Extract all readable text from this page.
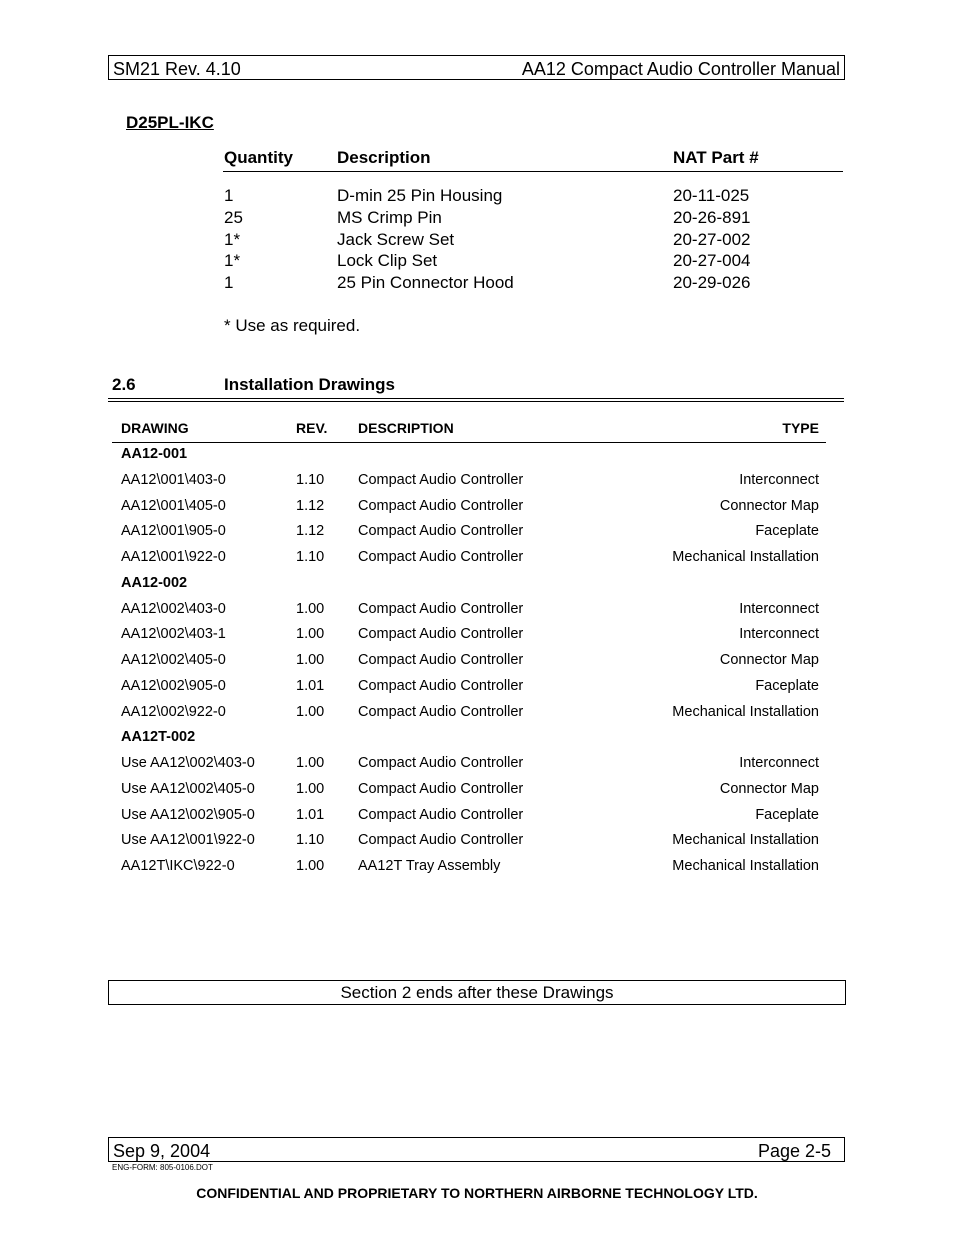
SM21 Rev. 4.10	AA12 Compact Audio Controller Manual
D25PL-IKC
Quantity	Description	NAT Part #
1	D-min 25 Pin Housing	20-11-025
25	MS Crimp Pin	20-26-891
1*	Jack Screw Set	20-27-002
1*	Lock Clip Set	20-27-004
1	25 Pin Connector Hood	20-29-026
* Use as required.
2.6	Installation Drawings
DRAWING	REV. DESCRIPTION	TYPE
AA12-001
AA12\001\403-0	1.10 Compact Audio Controller	Interconnect
AA12\001\405-0	1.12 Compact Audio Controller	Connector Map
AA12\001\905-0	1.12 Compact Audio Controller	Faceplate
AA12\001\922-0	1.10 Compact Audio Controller	Mechanical Installation
AA12-002
AA12\002\403-0	1.00 Compact Audio Controller	Interconnect
AA12\002\403-1	1.00 Compact Audio Controller	Interconnect
AA12\002\405-0	1.00 Compact Audio Controller	Connector Map
AA12\002\905-0	1.01 Compact Audio Controller	Faceplate
AA12\002\922-0	1.00 Compact Audio Controller	Mechanical Installation
AA12T-002
Use AA12\002\403-0	1.00 Compact Audio Controller	Interconnect
Use AA12\002\405-0	1.00 Compact Audio Controller	Connector Map
Use AA12\002\905-0	1.01 Compact Audio Controller	Faceplate
Use AA12\001\922-0	1.10 Compact Audio Controller	Mechanical Installation
AA12T\IKC\922-0	1.00 AA12T Tray Assembly	Mechanical Installation
Section 2 ends after these Drawings
Sep 9, 2004	Page 2-5
ENG-FORM: 805-0106.DOT
CONFIDENTIAL AND PROPRIETARY TO NORTHERN AIRBORNE TECHNOLOGY LTD.
